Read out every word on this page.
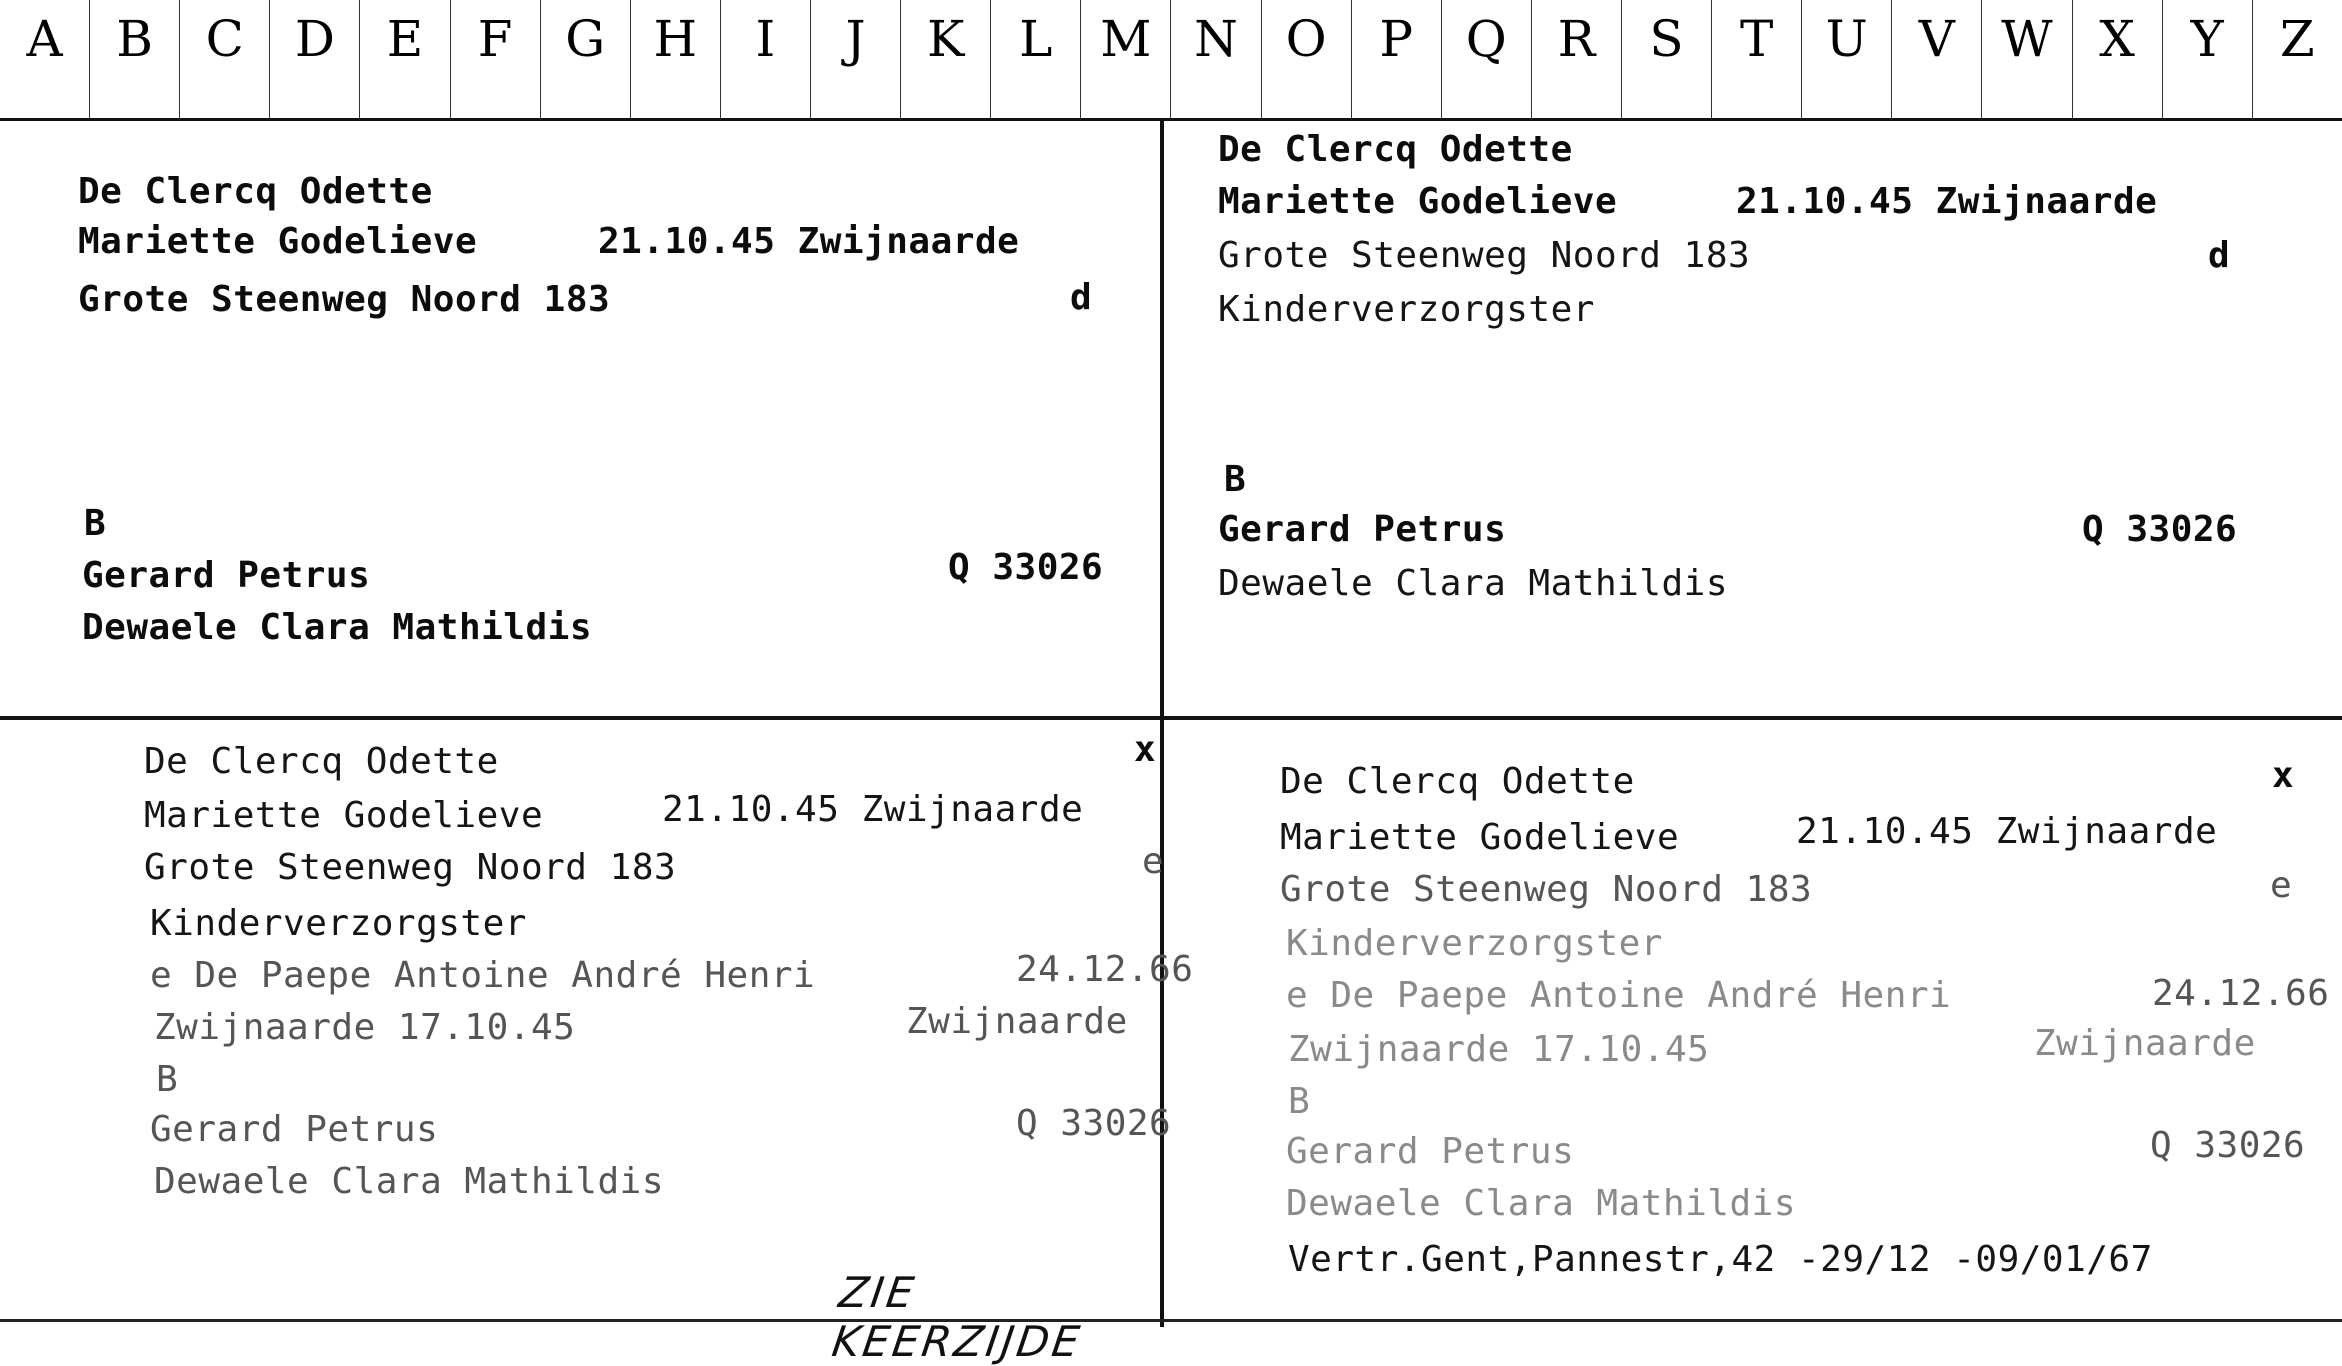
A	B	C	D	E	F	G H	I	J	K	L M N O	P	Q	R	S	T	U	V W X	Y	Z
De Clercq Odette
Mariette Godelieve	21.10.45 Zwijnaarde
Grote Steenweg Noord 183	d
B
Gerard Petrus	Q 33026
Dewaele Clara Mathildis
De Clercq Odette
Mariette Godelieve	21.10.45 Zwijnaarde
Grote Steenweg Noord 183	d
Kinderverzorgster
B
Gerard Petrus	Q 33026
Dewaele Clara Mathildis
x
De Clercq Odette
Mariette Godelieve	21.10.45 Zwijnaarde
Grote Steenweg Noord 183	e
Kinderverzorgster
e De Paepe Antoine André Henri	24.12.66
Zwijnaarde 17.10.45	Zwijnaarde
B
Gerard Petrus	Q 33026
Dewaele Clara Mathildis
ZIE KEERZIJDE
x
De Clercq Odette
Mariette Godelieve	21.10.45 Zwijnaarde
Grote Steenweg Noord 183	e
Kinderverzorgster
e De Paepe Antoine André Henri	24.12.66
Zwijnaarde 17.10.45	Zwijnaarde
B
Gerard Petrus	Q 33026
Dewaele Clara Mathildis
Vertr.Gent,Pannestr,42 -29/12 -09/01/67
